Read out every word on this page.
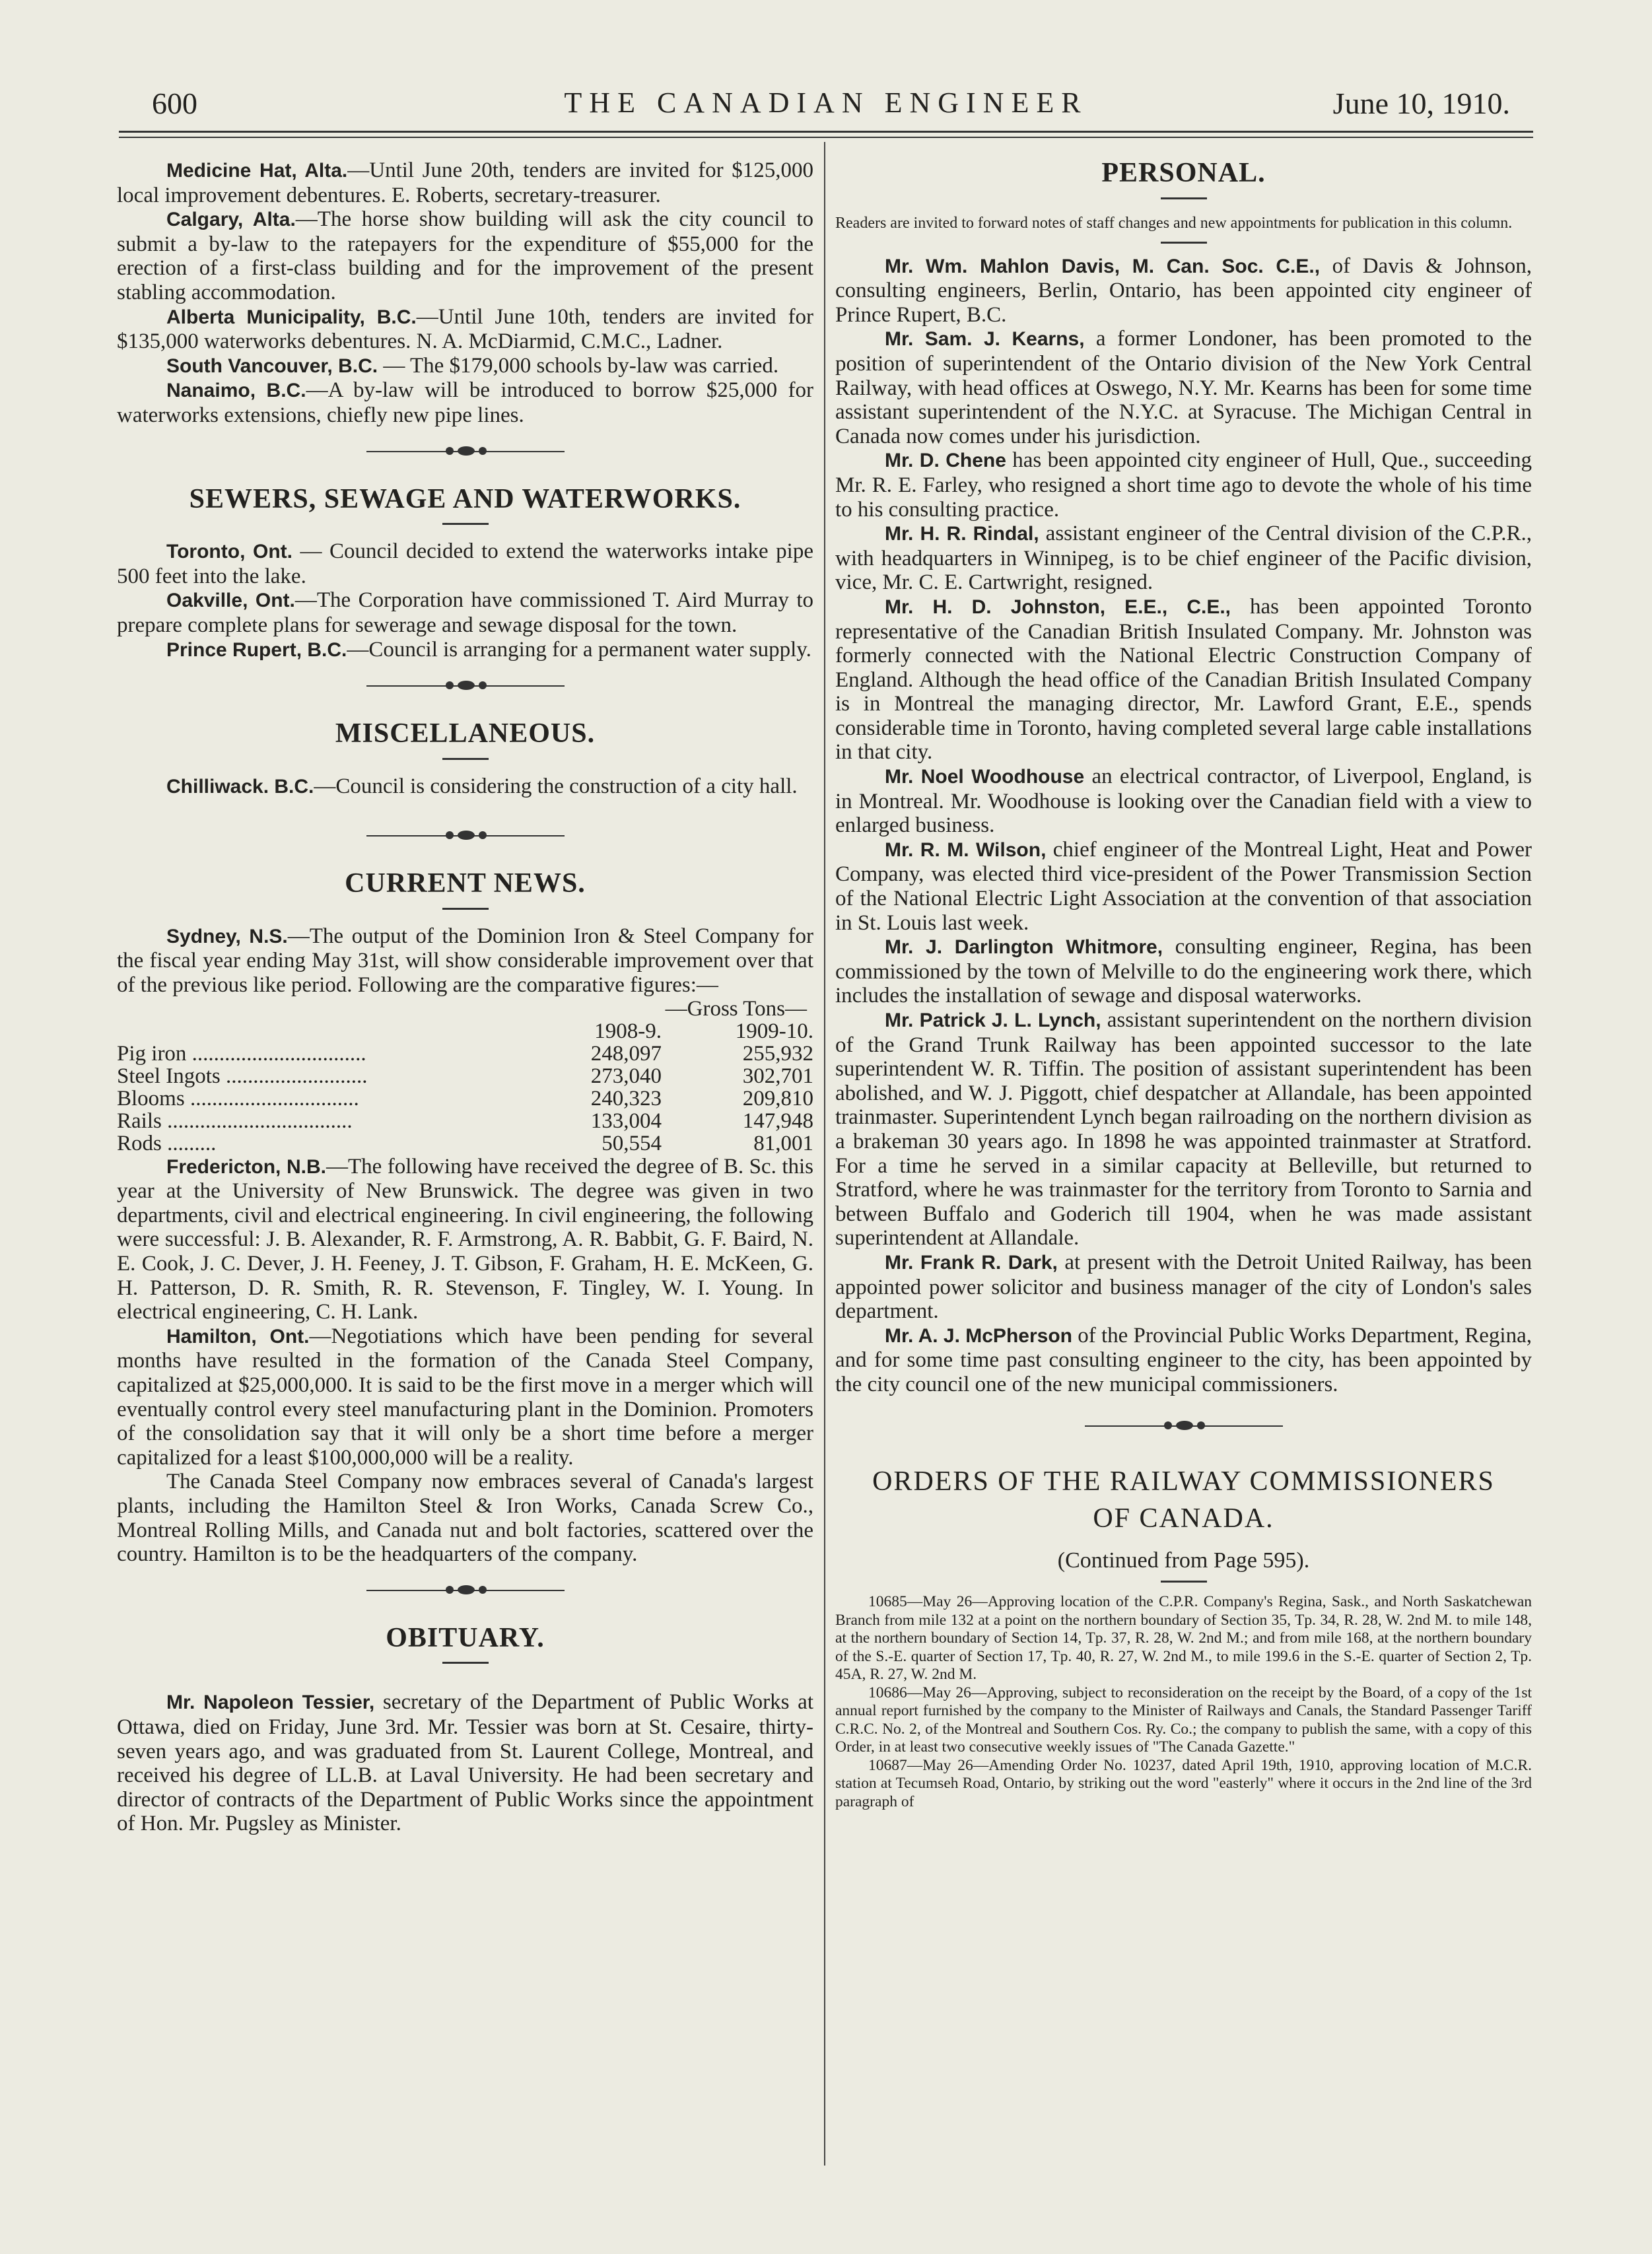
600	THE CANADIAN ENGINEER	June 10, 1910.

Medicine Hat, Alta.—Until June 20th, tenders are invited for $125,000 local improvement debentures. E. Roberts, secretary-treasurer.

Calgary, Alta.—The horse show building will ask the city council to submit a by-law to the ratepayers for the expenditure of $55,000 for the erection of a first-class building and for the improvement of the present stabling accommodation.

Alberta Municipality, B.C.—Until June 10th, tenders are invited for $135,000 waterworks debentures. N. A. McDiarmid, C.M.C., Ladner.

South Vancouver, B.C. — The $179,000 schools by-law was carried.

Nanaimo, B.C.—A by-law will be introduced to borrow $25,000 for waterworks extensions, chiefly new pipe lines.

SEWERS, SEWAGE AND WATERWORKS.

Toronto, Ont. — Council decided to extend the waterworks intake pipe 500 feet into the lake.

Oakville, Ont.—The Corporation have commissioned T. Aird Murray to prepare complete plans for sewerage and sewage disposal for the town.

Prince Rupert, B.C.—Council is arranging for a permanent water supply.

MISCELLANEOUS.

Chilliwack. B.C.—Council is considering the construction of a city hall.

CURRENT NEWS.

Sydney, N.S.—The output of the Dominion Iron & Steel Company for the fiscal year ending May 31st, will show considerable improvement over that of the previous like period. Following are the comparative figures:—

	—Gross Tons—	
	1908-9.	1909-10.
Pig iron ................................	248,097	255,932
Steel Ingots ..........................	273,040	302,701
Blooms ...............................	240,323	209,810
Rails ..................................	133,004	147,948
Rods .........	50,554	81,001

Fredericton, N.B.—The following have received the degree of B. Sc. this year at the University of New Brunswick. The degree was given in two departments, civil and electrical engineering. In civil engineering, the following were successful: J. B. Alexander, R. F. Armstrong, A. R. Babbit, G. F. Baird, N. E. Cook, J. C. Dever, J. H. Feeney, J. T. Gibson, F. Graham, H. E. McKeen, G. H. Patterson, D. R. Smith, R. R. Stevenson, F. Tingley, W. I. Young. In electrical engineering, C. H. Lank.

Hamilton, Ont.—Negotiations which have been pending for several months have resulted in the formation of the Canada Steel Company, capitalized at $25,000,000. It is said to be the first move in a merger which will eventually control every steel manufacturing plant in the Dominion. Promoters of the consolidation say that it will only be a short time before a merger capitalized for a least $100,000,000 will be a reality.

The Canada Steel Company now embraces several of Canada's largest plants, including the Hamilton Steel & Iron Works, Canada Screw Co., Montreal Rolling Mills, and Canada nut and bolt factories, scattered over the country. Hamilton is to be the headquarters of the company.

OBITUARY.

Mr. Napoleon Tessier, secretary of the Department of Public Works at Ottawa, died on Friday, June 3rd. Mr. Tessier was born at St. Cesaire, thirty-seven years ago, and was graduated from St. Laurent College, Montreal, and received his degree of LL.B. at Laval University. He had been secretary and director of contracts of the Department of Public Works since the appointment of Hon. Mr. Pugsley as Minister.

PERSONAL.

Readers are invited to forward notes of staff changes and new appointments for publication in this column.

Mr. Wm. Mahlon Davis, M. Can. Soc. C.E., of Davis & Johnson, consulting engineers, Berlin, Ontario, has been appointed city engineer of Prince Rupert, B.C.

Mr. Sam. J. Kearns, a former Londoner, has been promoted to the position of superintendent of the Ontario division of the New York Central Railway, with head offices at Oswego, N.Y. Mr. Kearns has been for some time assistant superintendent of the N.Y.C. at Syracuse. The Michigan Central in Canada now comes under his jurisdiction.

Mr. D. Chene has been appointed city engineer of Hull, Que., succeeding Mr. R. E. Farley, who resigned a short time ago to devote the whole of his time to his consulting practice.

Mr. H. R. Rindal, assistant engineer of the Central division of the C.P.R., with headquarters in Winnipeg, is to be chief engineer of the Pacific division, vice, Mr. C. E. Cartwright, resigned.

Mr. H. D. Johnston, E.E., C.E., has been appointed Toronto representative of the Canadian British Insulated Company. Mr. Johnston was formerly connected with the National Electric Construction Company of England. Although the head office of the Canadian British Insulated Company is in Montreal the managing director, Mr. Lawford Grant, E.E., spends considerable time in Toronto, having completed several large cable installations in that city.

Mr. Noel Woodhouse an electrical contractor, of Liverpool, England, is in Montreal. Mr. Woodhouse is looking over the Canadian field with a view to enlarged business.

Mr. R. M. Wilson, chief engineer of the Montreal Light, Heat and Power Company, was elected third vice-president of the Power Transmission Section of the National Electric Light Association at the convention of that association in St. Louis last week.

Mr. J. Darlington Whitmore, consulting engineer, Regina, has been commissioned by the town of Melville to do the engineering work there, which includes the installation of sewage and disposal waterworks.

Mr. Patrick J. L. Lynch, assistant superintendent on the northern division of the Grand Trunk Railway has been appointed successor to the late superintendent W. R. Tiffin. The position of assistant superintendent has been abolished, and W. J. Piggott, chief despatcher at Allandale, has been appointed trainmaster. Superintendent Lynch began railroading on the northern division as a brakeman 30 years ago. In 1898 he was appointed trainmaster at Stratford. For a time he served in a similar capacity at Belleville, but returned to Stratford, where he was trainmaster for the territory from Toronto to Sarnia and between Buffalo and Goderich till 1904, when he was made assistant superintendent at Allandale.

Mr. Frank R. Dark, at present with the Detroit United Railway, has been appointed power solicitor and business manager of the city of London's sales department.

Mr. A. J. McPherson of the Provincial Public Works Department, Regina, and for some time past consulting engineer to the city, has been appointed by the city council one of the new municipal commissioners.

ORDERS OF THE RAILWAY COMMISSIONERS
OF CANADA.
(Continued from Page 595).

10685—May 26—Approving location of the C.P.R. Company's Regina, Sask., and North Saskatchewan Branch from mile 132 at a point on the northern boundary of Section 35, Tp. 34, R. 28, W. 2nd M. to mile 148, at the northern boundary of Section 14, Tp. 37, R. 28, W. 2nd M.; and from mile 168, at the northern boundary of the S.-E. quarter of Section 17, Tp. 40, R. 27, W. 2nd M., to mile 199.6 in the S.-E. quarter of Section 2, Tp. 45A, R. 27, W. 2nd M.

10686—May 26—Approving, subject to reconsideration on the receipt by the Board, of a copy of the 1st annual report furnished by the company to the Minister of Railways and Canals, the Standard Passenger Tariff C.R.C. No. 2, of the Montreal and Southern Cos. Ry. Co.; the company to publish the same, with a copy of this Order, in at least two consecutive weekly issues of "The Canada Gazette."

10687—May 26—Amending Order No. 10237, dated April 19th, 1910, approving location of M.C.R. station at Tecumseh Road, Ontario, by striking out the word "easterly" where it occurs in the 2nd line of the 3rd paragraph of
